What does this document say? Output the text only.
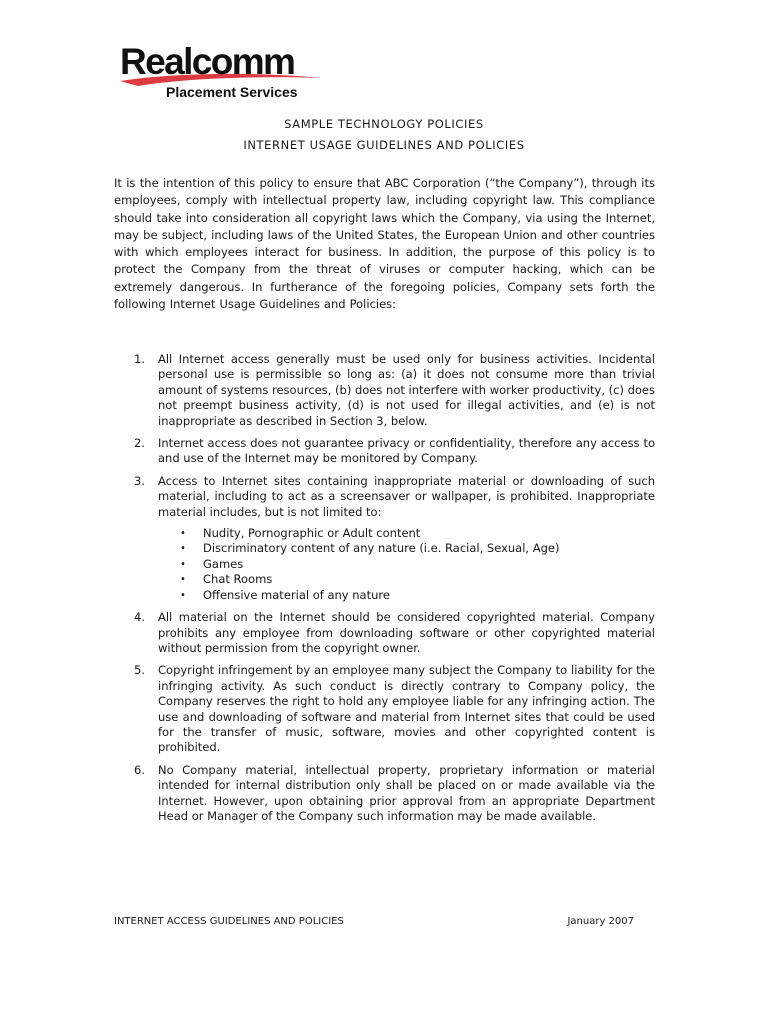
Realcomm
Placement Services
SAMPLE TECHNOLOGY POLICIES
INTERNET USAGE GUIDELINES AND POLICIES

It is the intention of this policy to ensure that ABC Corporation (“the Company”), through its employees, comply with intellectual property law, including copyright law. This compliance should take into consideration all copyright laws which the Company, via using the Internet, may be subject, including laws of the United States, the European Union and other countries with which employees interact for business. In addition, the purpose of this policy is to protect the Company from the threat of viruses or computer hacking, which can be extremely dangerous. In furtherance of the foregoing policies, Company sets forth the following Internet Usage Guidelines and Policies:

1. All Internet access generally must be used only for business activities. Incidental personal use is permissible so long as: (a) it does not consume more than trivial amount of systems resources, (b) does not interfere with worker productivity, (c) does not preempt business activity, (d) is not used for illegal activities, and (e) is not inappropriate as described in Section 3, below.
2. Internet access does not guarantee privacy or confidentiality, therefore any access to and use of the Internet may be monitored by Company.
3. Access to Internet sites containing inappropriate material or downloading of such material, including to act as a screensaver or wallpaper, is prohibited. Inappropriate material includes, but is not limited to:
• Nudity, Pornographic or Adult content
• Discriminatory content of any nature (i.e. Racial, Sexual, Age)
• Games
• Chat Rooms
• Offensive material of any nature
4. All material on the Internet should be considered copyrighted material. Company prohibits any employee from downloading software or other copyrighted material without permission from the copyright owner.
5. Copyright infringement by an employee many subject the Company to liability for the infringing activity. As such conduct is directly contrary to Company policy, the Company reserves the right to hold any employee liable for any infringing action. The use and downloading of software and material from Internet sites that could be used for the transfer of music, software, movies and other copyrighted content is prohibited.
6. No Company material, intellectual property, proprietary information or material intended for internal distribution only shall be placed on or made available via the Internet. However, upon obtaining prior approval from an appropriate Department Head or Manager of the Company such information may be made available.
INTERNET ACCESS GUIDELINES AND POLICIES	January 2007
